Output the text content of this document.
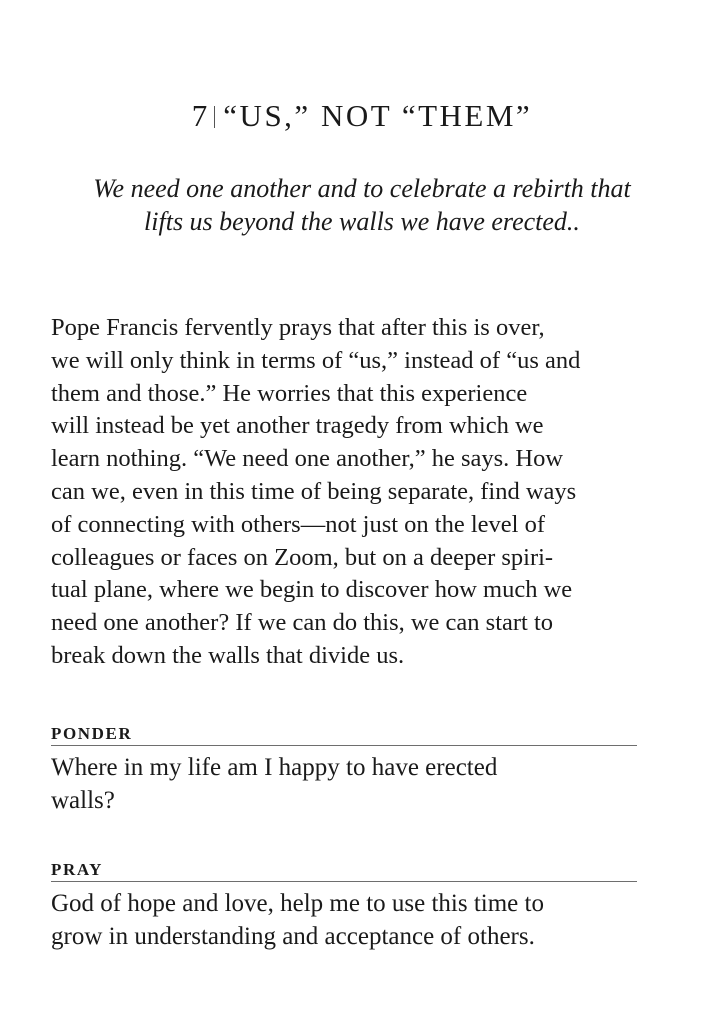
7 “US,” NOT “THEM”
We need one another and to celebrate a rebirth that
lifts us beyond the walls we have erected..
Pope Francis fervently prays that after this is over,
we will only think in terms of “us,” instead of “us and
them and those.” He worries that this experience
will instead be yet another tragedy from which we
learn nothing. “We need one another,” he says. How
can we, even in this time of being separate, find ways
of connecting with others—not just on the level of
colleagues or faces on Zoom, but on a deeper spiri-
tual plane, where we begin to discover how much we
need one another? If we can do this, we can start to
break down the walls that divide us.
PONDER
Where in my life am I happy to have erected
walls?
PRAY
God of hope and love, help me to use this time to
grow in understanding and acceptance of others.
